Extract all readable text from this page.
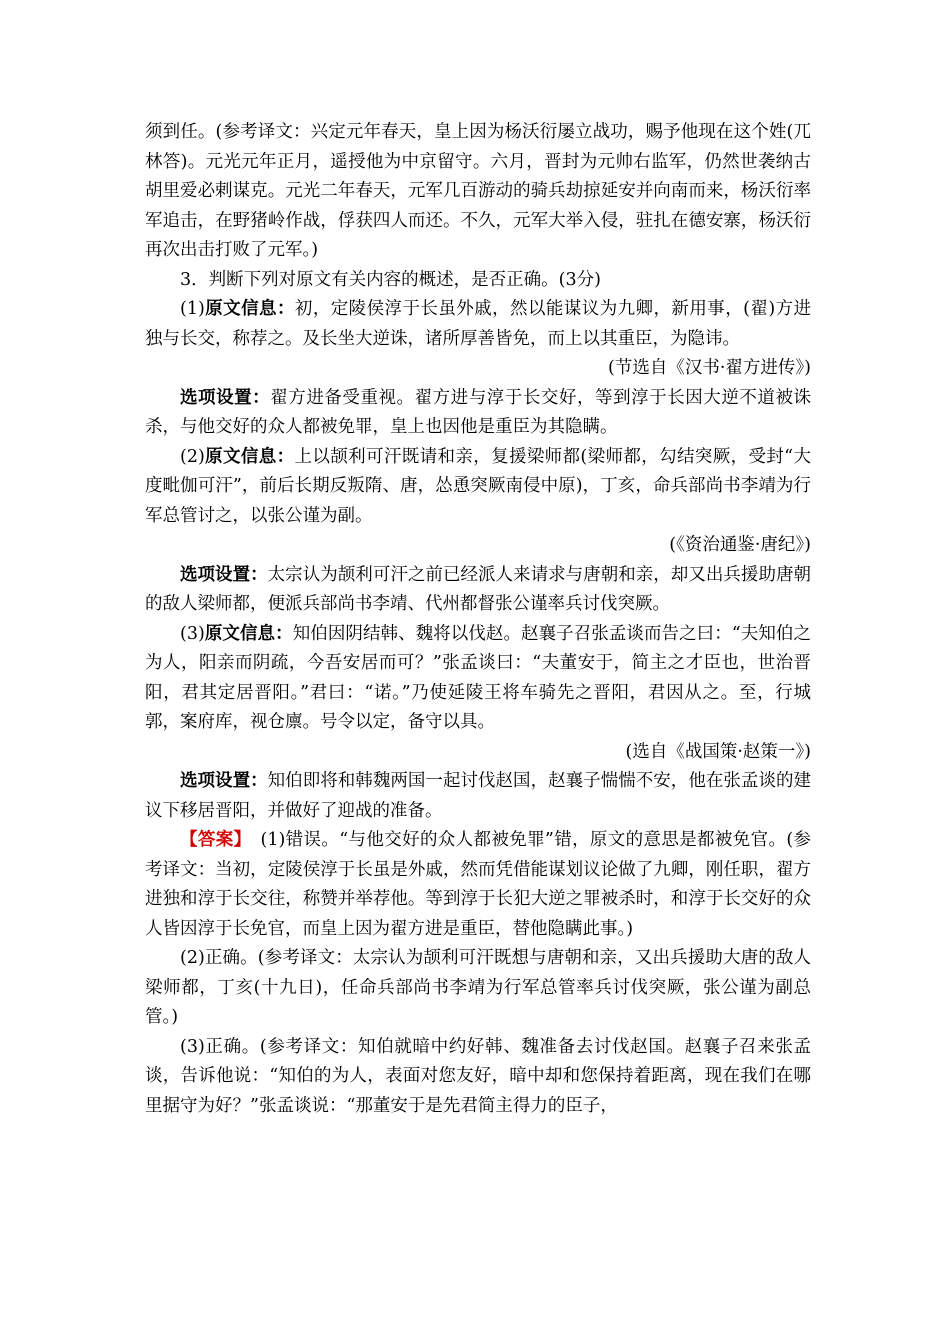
须到任。(参考译文：兴定元年春天，皇上因为杨沃衍屡立战功，赐予他现在这个姓(兀林答)。元光元年正月，遥授他为中京留守。六月，晋封为元帅右监军，仍然世袭纳古胡里爱必剌谋克。元光二年春天，元军几百游动的骑兵劫掠延安并向南而来，杨沃衍率军追击，在野猪岭作战，俘获四人而还。不久，元军大举入侵，驻扎在德安寨，杨沃衍再次出击打败了元军。)

3．判断下列对原文有关内容的概述，是否正确。(3分)

(1)原文信息：初，定陵侯淳于长虽外戚，然以能谋议为九卿，新用事，(翟)方进独与长交，称荐之。及长坐大逆诛，诸所厚善皆免，而上以其重臣，为隐讳。

(节选自《汉书·翟方进传》)

选项设置：翟方进备受重视。翟方进与淳于长交好，等到淳于长因大逆不道被诛杀，与他交好的众人都被免罪，皇上也因他是重臣为其隐瞒。

(2)原文信息：上以颉利可汗既请和亲，复援梁师都(梁师都，勾结突厥，受封“大度毗伽可汗”，前后长期反叛隋、唐，怂恿突厥南侵中原)，丁亥，命兵部尚书李靖为行军总管讨之，以张公谨为副。

(《资治通鉴·唐纪》)

选项设置：太宗认为颉利可汗之前已经派人来请求与唐朝和亲，却又出兵援助唐朝的敌人梁师都，便派兵部尚书李靖、代州都督张公谨率兵讨伐突厥。

(3)原文信息：知伯因阴结韩、魏将以伐赵。赵襄子召张孟谈而告之曰：“夫知伯之为人，阳亲而阴疏，今吾安居而可？”张孟谈曰：“夫董安于，简主之才臣也，世治晋阳，君其定居晋阳。”君曰：“诺。”乃使延陵王将车骑先之晋阳，君因从之。至，行城郭，案府库，视仓廪。号令以定，备守以具。

(选自《战国策·赵策一》)

选项设置：知伯即将和韩魏两国一起讨伐赵国，赵襄子惴惴不安，他在张孟谈的建议下移居晋阳，并做好了迎战的准备。

【答案】　 (1)错误。“与他交好的众人都被免罪”错，原文的意思是都被免官。(参考译文：当初，定陵侯淳于长虽是外戚，然而凭借能谋划议论做了九卿，刚任职，翟方进独和淳于长交往，称赞并举荐他。等到淳于长犯大逆之罪被杀时，和淳于长交好的众人皆因淳于长免官，而皇上因为翟方进是重臣，替他隐瞒此事。)

(2)正确。(参考译文：太宗认为颉利可汗既想与唐朝和亲，又出兵援助大唐的敌人梁师都，丁亥(十九日)，任命兵部尚书李靖为行军总管率兵讨伐突厥，张公谨为副总管。)

(3)正确。(参考译文：知伯就暗中约好韩、魏准备去讨伐赵国。赵襄子召来张孟谈，告诉他说：“知伯的为人，表面对您友好，暗中却和您保持着距离，现在我们在哪里据守为好？”张孟谈说：“那董安于是先君简主得力的臣子，
